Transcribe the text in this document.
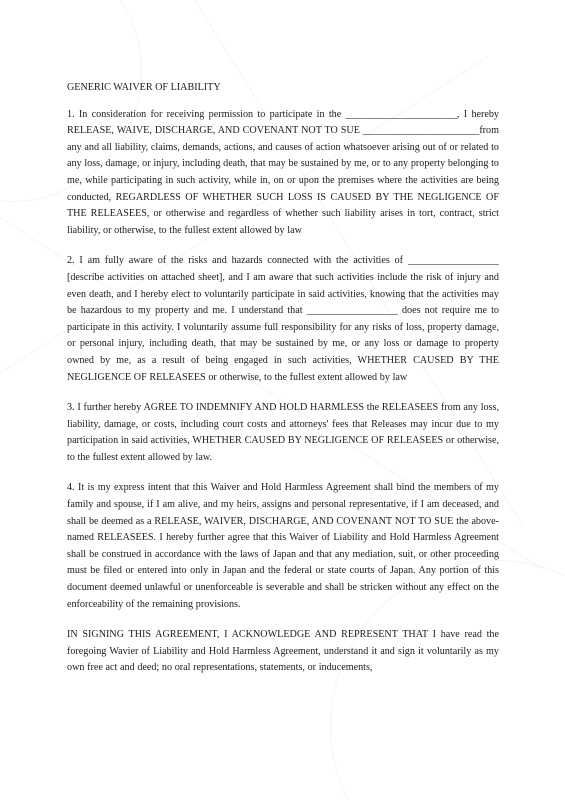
GENERIC WAIVER OF LIABILITY

1. In consideration for receiving permission to participate in the ______________________, I hereby RELEASE, WAIVE, DISCHARGE, AND COVENANT NOT TO SUE _______________________from any and all liability, claims, demands, actions, and causes of action whatsoever arising out of or related to any loss, damage, or injury, including death, that may be sustained by me, or to any property belonging to me, while participating in such activity, while in, on or upon the premises where the activities are being conducted, REGARDLESS OF WHETHER SUCH LOSS IS CAUSED BY THE NEGLIGENCE OF THE RELEASEES, or otherwise and regardless of whether such liability arises in tort, contract, strict liability, or otherwise, to the fullest extent allowed by law

2. I am fully aware of the risks and hazards connected with the activities of __________________ [describe activities on attached sheet], and I am aware that such activities include the risk of injury and even death, and I hereby elect to voluntarily participate in said activities, knowing that the activities may be hazardous to my property and me. I understand that __________________ does not require me to participate in this activity. I voluntarily assume full responsibility for any risks of loss, property damage, or personal injury, including death, that may be sustained by me, or any loss or damage to property owned by me, as a result of being engaged in such activities, WHETHER CAUSED BY THE NEGLIGENCE OF RELEASEES or otherwise, to the fullest extent allowed by law

3. I further hereby AGREE TO INDEMNIFY AND HOLD HARMLESS the RELEASEES from any loss, liability, damage, or costs, including court costs and attorneys' fees that Releases may incur due to my participation in said activities, WHETHER CAUSED BY NEGLIGENCE OF RELEASEES or otherwise, to the fullest extent allowed by law.

4. It is my express intent that this Waiver and Hold Harmless Agreement shall bind the members of my family and spouse, if I am alive, and my heirs, assigns and personal representative, if I am deceased, and shall be deemed as a RELEASE, WAIVER, DISCHARGE, AND COVENANT NOT TO SUE the above-named RELEASEES. I hereby further agree that this Waiver of Liability and Hold Harmless Agreement shall be construed in accordance with the laws of Japan and that any mediation, suit, or other proceeding must be filed or entered into only in Japan and the federal or state courts of Japan. Any portion of this document deemed unlawful or unenforceable is severable and shall be stricken without any effect on the enforceability of the remaining provisions.

IN SIGNING THIS AGREEMENT, I ACKNOWLEDGE AND REPRESENT THAT I have read the foregoing Wavier of Liability and Hold Harmless Agreement, understand it and sign it voluntarily as my own free act and deed; no oral representations, statements, or inducements,
